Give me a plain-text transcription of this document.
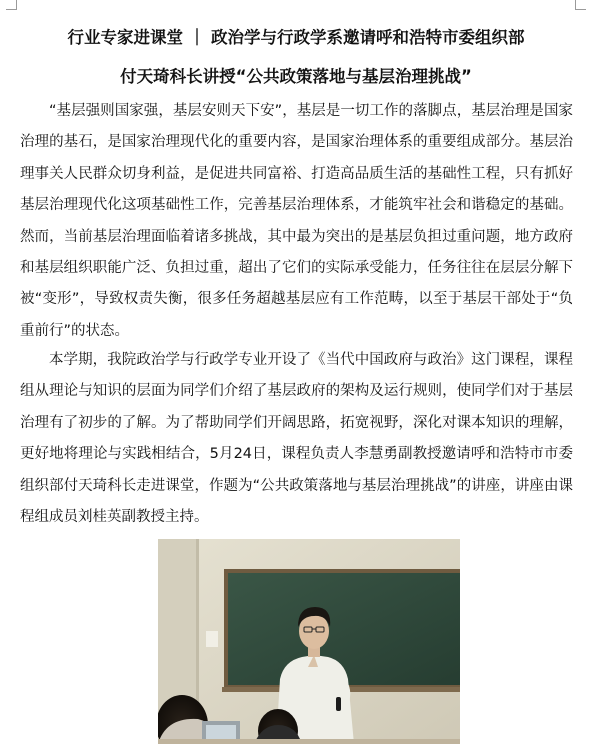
行业专家进课堂 ｜ 政治学与行政学系邀请呼和浩特市委组织部
付天琦科长讲授“公共政策落地与基层治理挑战”

“基层强则国家强，基层安则天下安”，基层是一切工作的落脚点，基层治理是国家治理的基石，是国家治理现代化的重要内容，是国家治理体系的重要组成部分。基层治理事关人民群众切身利益，是促进共同富裕、打造高品质生活的基础性工程，只有抓好基层治理现代化这项基础性工作，完善基层治理体系，才能筑牢社会和谐稳定的基础。然而，当前基层治理面临着诸多挑战，其中最为突出的是基层负担过重问题，地方政府和基层组织职能广泛、负担过重，超出了它们的实际承受能力，任务往往在层层分解下被“变形”，导致权责失衡，很多任务超越基层应有工作范畴，以至于基层干部处于“负重前行”的状态。

本学期，我院政治学与行政学专业开设了《当代中国政府与政治》这门课程，课程组从理论与知识的层面为同学们介绍了基层政府的架构及运行规则，使同学们对于基层治理有了初步的了解。为了帮助同学们开阔思路，拓宽视野，深化对课本知识的理解，更好地将理论与实践相结合，5月24日，课程负责人李慧勇副教授邀请呼和浩特市市委组织部付天琦科长走进课堂，作题为“公共政策落地与基层治理挑战”的讲座，讲座由课程组成员刘桂英副教授主持。
